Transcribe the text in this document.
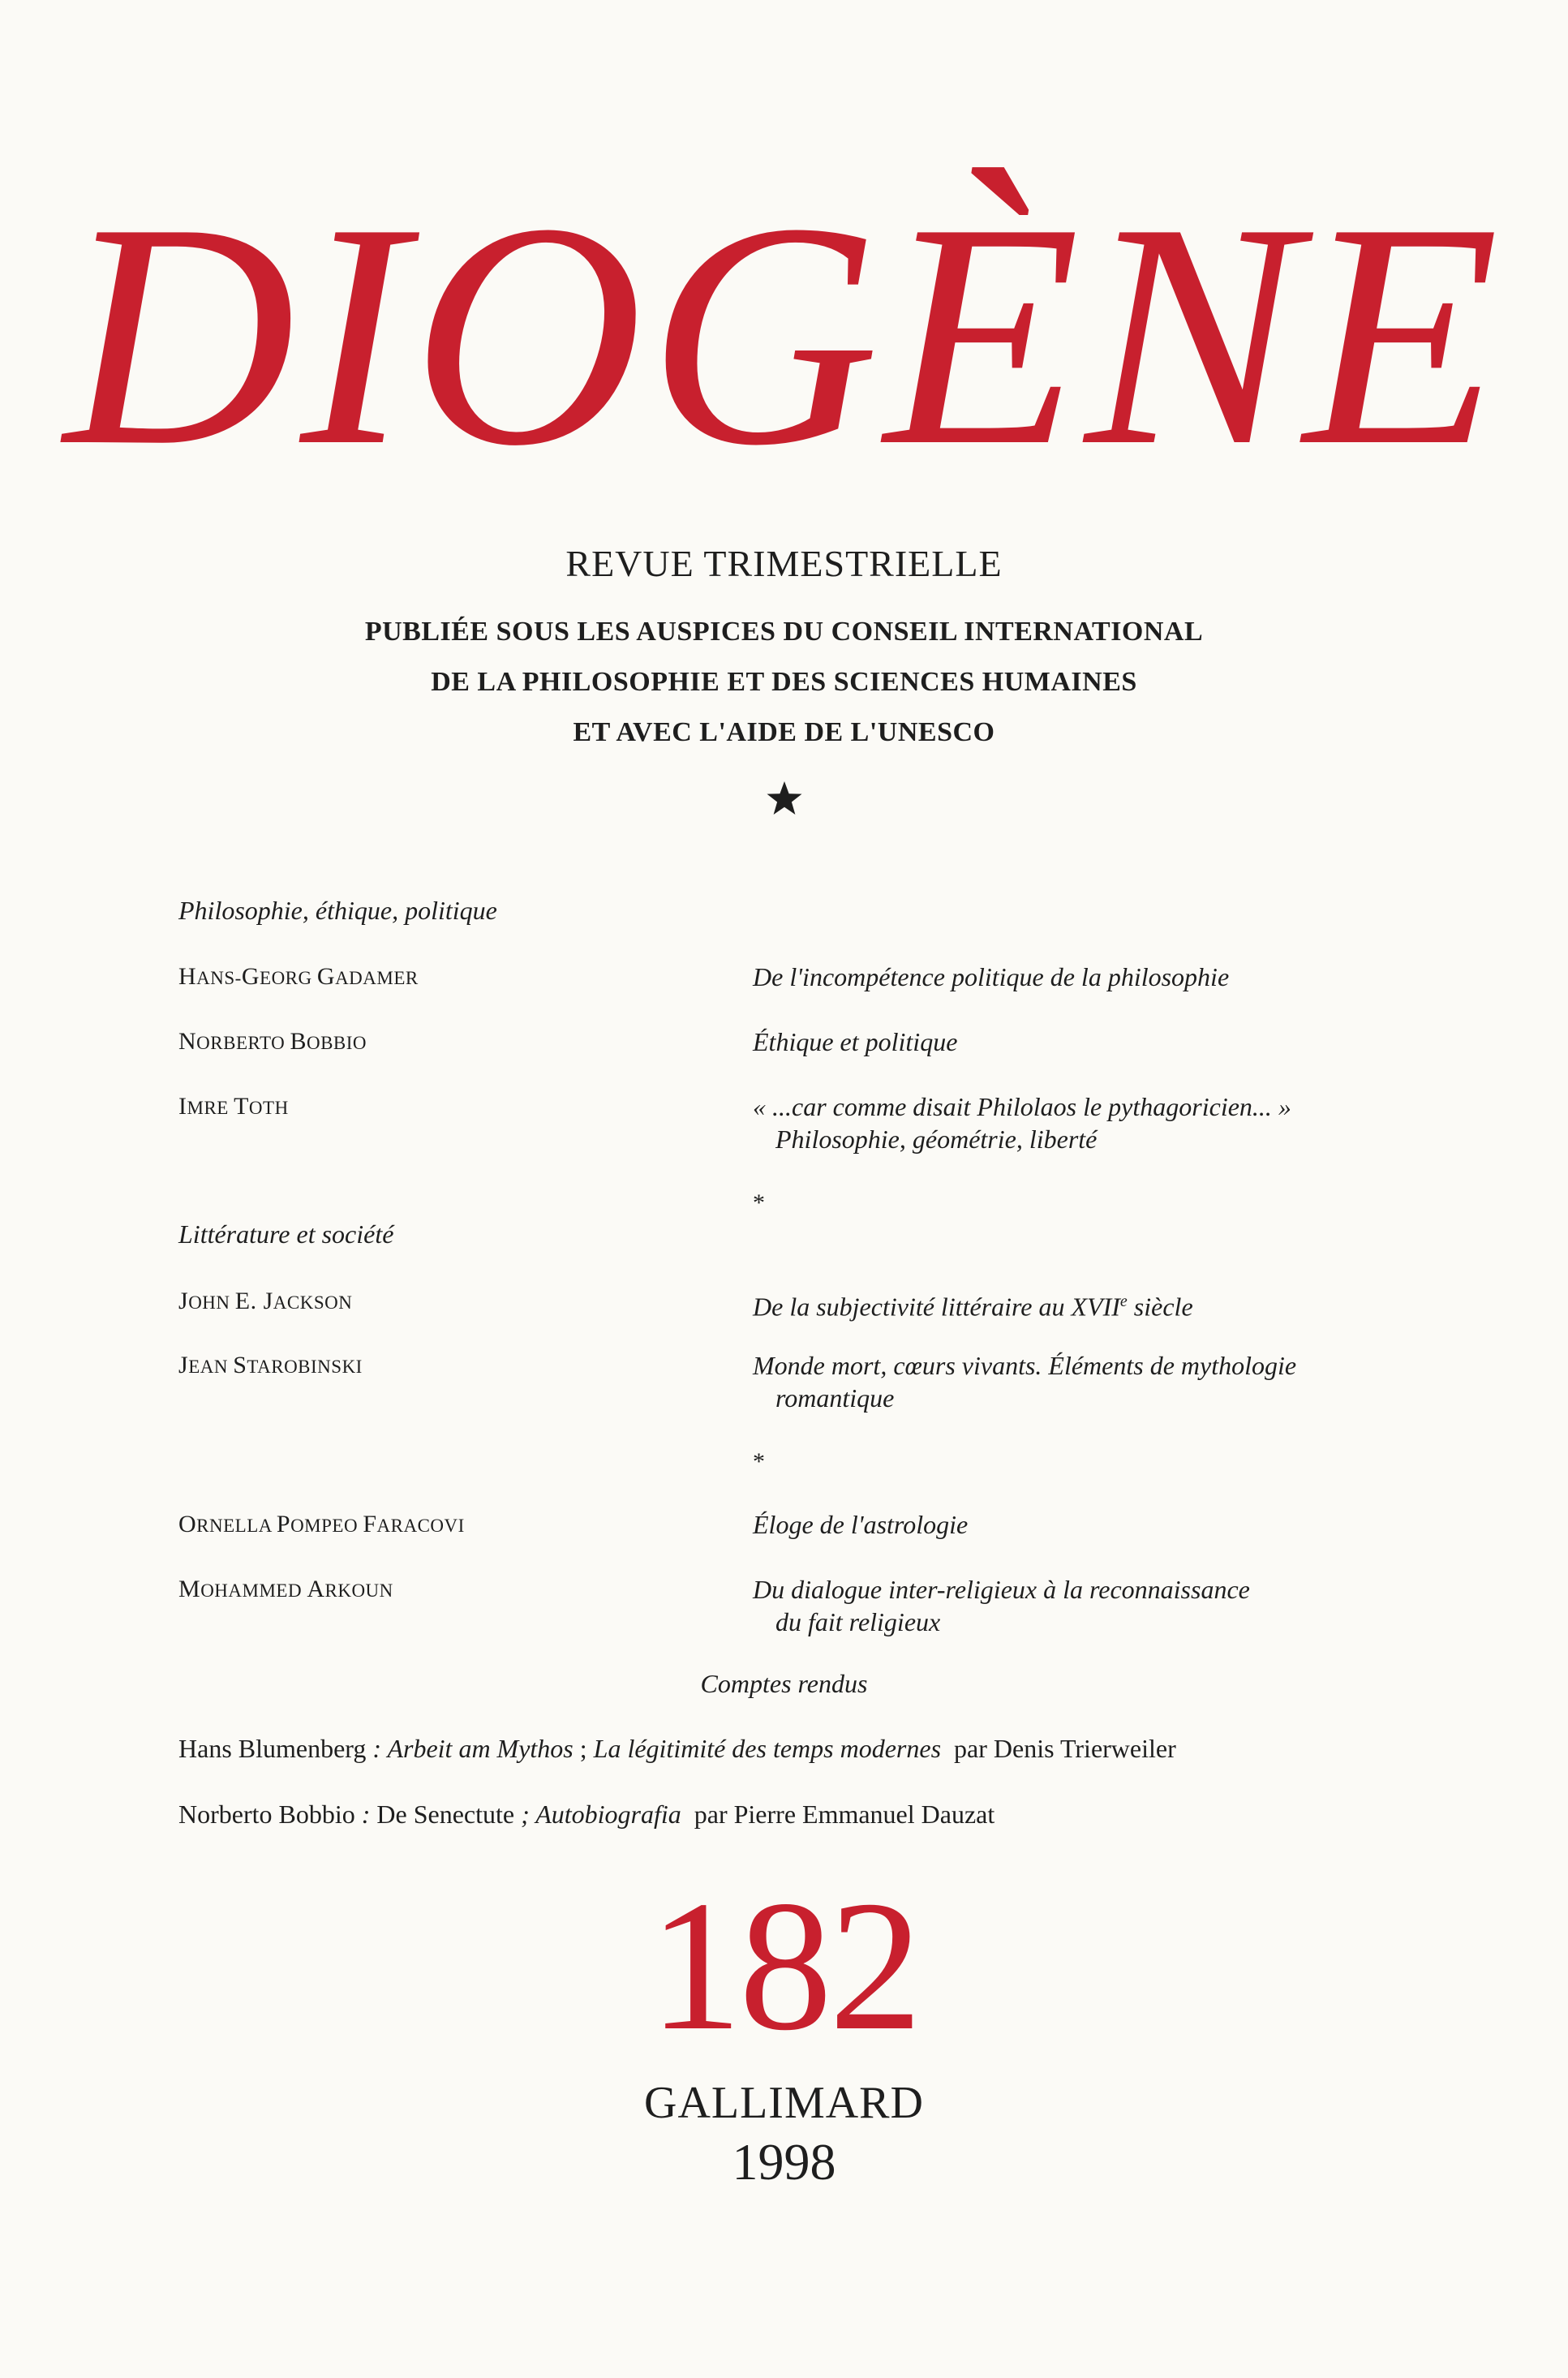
DIOGÈNE
REVUE TRIMESTRIELLE
PUBLIÉE SOUS LES AUSPICES DU CONSEIL INTERNATIONAL
DE LA PHILOSOPHIE ET DES SCIENCES HUMAINES
ET AVEC L'AIDE DE L'UNESCO
Philosophie, éthique, politique
HANS-GEORG GADAMER	De l'incompétence politique de la philosophie
NORBERTO BOBBIO	Éthique et politique
IMRE TOTH	« ...car comme disait Philolaos le pythagoricien... »
Philosophie, géométrie, liberté
*
Littérature et société
JOHN E. JACKSON	De la subjectivité littéraire au XVIIe siècle
JEAN STAROBINSKI	Monde mort, cœurs vivants. Éléments de mythologie
romantique
*
ORNELLA POMPEO FARACOVI	Éloge de l'astrologie
MOHAMMED ARKOUN	Du dialogue inter-religieux à la reconnaissance
du fait religieux
Comptes rendus
Hans Blumenberg : Arbeit am Mythos ; La légitimité des temps modernes  par Denis Trierweiler
Norberto Bobbio : De Senectute ; Autobiografia  par Pierre Emmanuel Dauzat
182
GALLIMARD
1998
